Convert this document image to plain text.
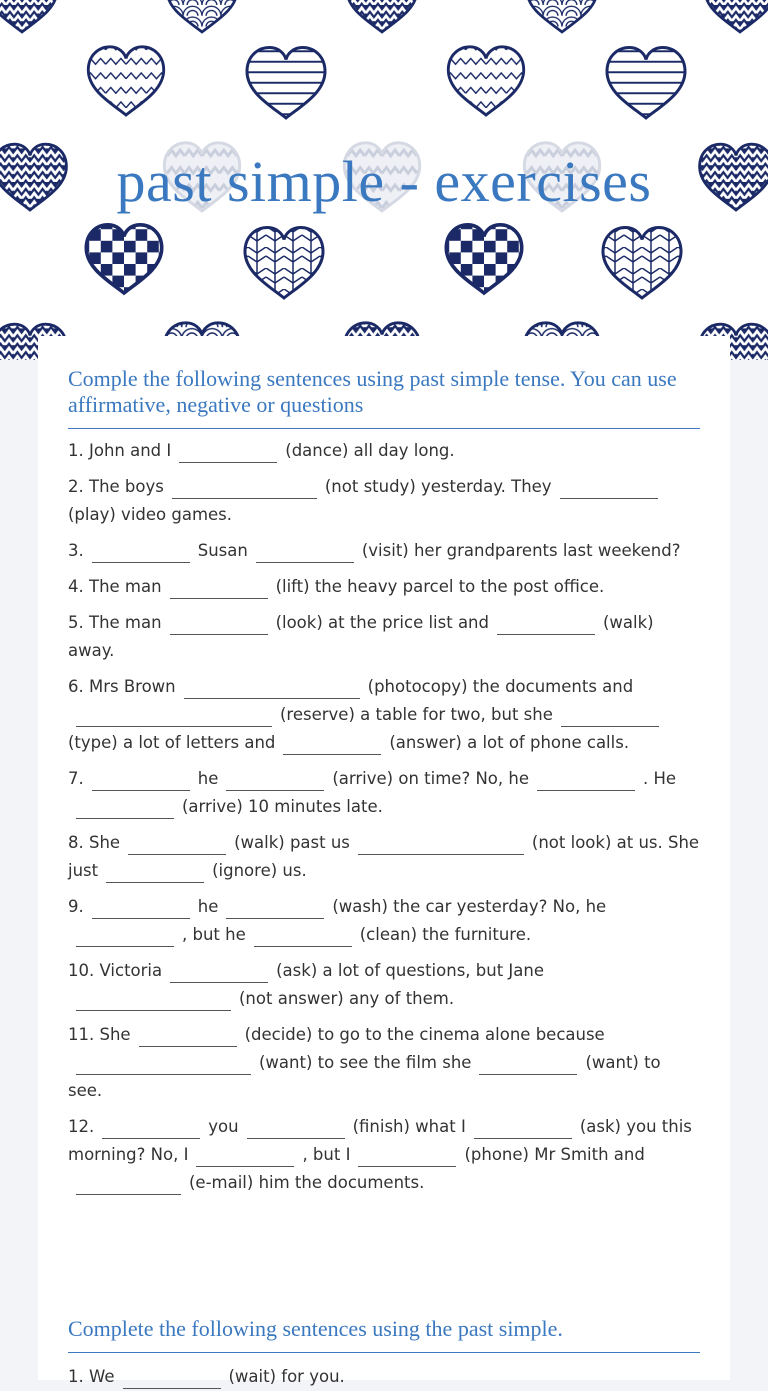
past simple - exercises
Comple the following sentences using past simple tense. You can use affirmative, negative or questions

1. John and I	(dance) all day long.

2. The boys	(not study) yesterday. They(play) video games.

3.	Susan	(visit) her grandparents last weekend?

4. The man	(lift) the heavy parcel to the post office.

5. The man	(look) at the price list and	(walk) away.

6. Mrs Brown	(photocopy) the documents and(reserve) a table for two, but she(type) a lot of letters and	(answer) a lot of phone calls.

7.	he	(arrive) on time? No, he	. He(arrive) 10 minutes late.

8. She	(walk) past us	(not look) at us. She just	(ignore) us.

9.	he	(wash) the car yesterday? No, he, but he	(clean) the furniture.

10. Victoria	(ask) a lot of questions, but Jane(not answer) any of them.

11. She	(decide) to go to the cinema alone because(want) to see the film she	(want) to see.

12.	you	(finish) what I	(ask) you this morning? No, I	, but I	(phone) Mr Smith and(e-mail) him the documents.

Complete the following sentences using the past simple.

1. We	(wait) for you.
